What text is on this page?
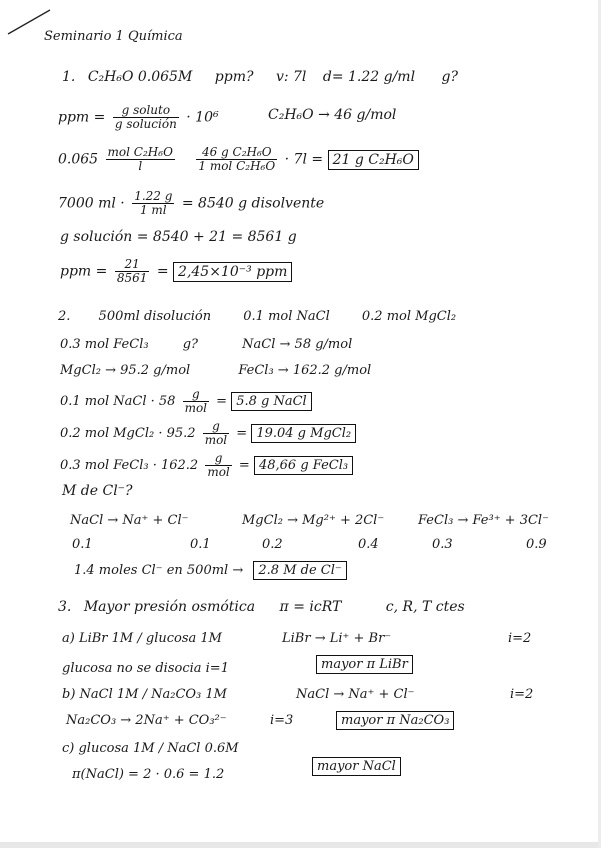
Seminario 1 Química
1. C₂H₆O 0.065M ppm? v: 7l d= 1.22 g/ml g?
ppm = $\frac{\text{g soluto}}{\text{g solución}} \cdot 10^6$	C₂H₆O → 46 g/mol
$0.065 \frac{\text{mol C₂H₆O}}{l}$
$\frac{\text{46 g C₂H₆O}}{\text{1 mol C₂H₆O}} \cdot 7l = 21$ g C₂H₆O
7000 ml · $\frac{1.22 g}{1 ml} = 8540$ g disolvente
g solución = 8540 + 21 = 8561 g
ppm = $\frac{21}{8561} = 2,45\times 10^{-3}$ ppm
2. 500ml disolución 0.1 mol NaCl 0.2 mol MgCl₂
0.3 mol FeCl₃	g?	NaCl → 58 g/mol
MgCl₂ → 95.2 g/mol	FeCl₃ → 162.2 g/mol
0.1 mol NaCl · $58 \frac{g}{\text{mol}} = 5.8$ g NaCl
0.2 mol MgCl₂ · $95.2 \frac{g}{\text{mol}} = 19.04$ g MgCl₂
0.3 mol FeCl₃ · $162.2 \frac{g}{\text{mol}} = 48,66$ g FeCl₃
M de Cl⁻?
NaCl → Na⁺ + Cl⁻	MgCl₂ → Mg²⁺ + 2Cl⁻	FeCl₃ → Fe³⁺ + 3Cl⁻
0.1	0.1	0.2	0.4	0.3	0.9
1.4 moles Cl⁻ en 500ml → 2.8 M de Cl⁻
3. Mayor presión osmótica π = icRT	c, R, T ctes
a) LiBr 1M / glucosa 1M	LiBr → Li⁺ + Br⁻	i=2
glucosa no se disocia i=1	mayor π LiBr
b) NaCl 1M / Na₂CO₃ 1M	NaCl → Na⁺ + Cl⁻	i=2
Na₂CO₃ → 2Na⁺ + CO₃²⁻	i=3	mayor π Na₂CO₃
c) glucosa 1M / NaCl 0.6M
π(NaCl) = 2 · 0.6 = 1.2
mayor NaCl
